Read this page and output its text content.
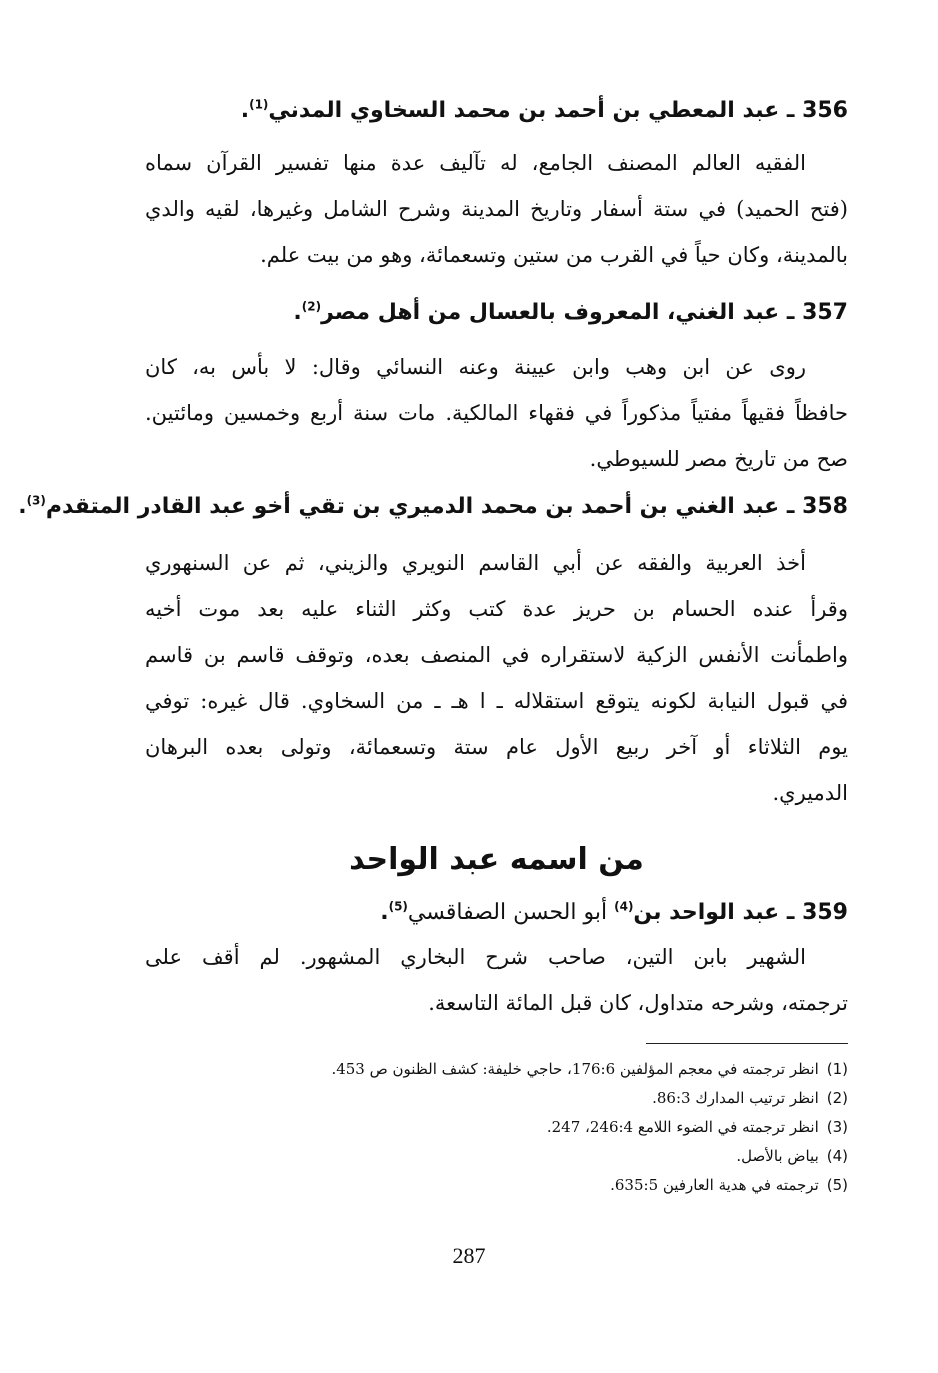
356 ـ عبد المعطي بن أحمد بن محمد السخاوي المدني$^{(1)}$.
الفقيه العالم المصنف الجامع، له تآليف عدة منها تفسير القرآن سماه
(فتح الحميد) في ستة أسفار وتاريخ المدينة وشرح الشامل وغيرها، لقيه والدي
بالمدينة، وكان حياً في القرب من ستين وتسعمائة، وهو من بيت علم.
357 ـ عبد الغني، المعروف بالعسال من أهل مصر$^{(2)}$.
روى عن ابن وهب وابن عيينة وعنه النسائي وقال: لا بأس به، كان
حافظاً فقيهاً مفتياً مذكوراً في فقهاء المالكية. مات سنة أربع وخمسين ومائتين.
صح من تاريخ مصر للسيوطي.
358 ـ عبد الغني بن أحمد بن محمد الدميري بن تقي أخو عبد القادر المتقدم$^{(3)}$.
أخذ العربية والفقه عن أبي القاسم النويري والزيني، ثم عن السنهوري
وقرأ عنده الحسام بن حريز عدة كتب وكثر الثناء عليه بعد موت أخيه
واطمأنت الأنفس الزكية لاستقراره في المنصف بعده، وتوقف قاسم بن قاسم
في قبول النيابة لكونه يتوقع استقلاله ـ ا هـ ـ من السخاوي. قال غيره: توفي
يوم الثلاثاء أو آخر ربيع الأول عام ستة وتسعمائة، وتولى بعده البرهان
الدميري.
من اسمه عبد الواحد
359 ـ عبد الواحد بن$^{(4)}$ أبو الحسن الصفاقسي$^{(5)}$.
الشهير بابن التين، صاحب شرح البخاري المشهور. لم أقف على
ترجمته، وشرحه متداول، كان قبل المائة التاسعة.
(1)انظر ترجمته في معجم المؤلفين 176:6، حاجي خليفة: كشف الظنون ص 453.
(2)انظر ترتيب المدارك 86:3.
(3)انظر ترجمته في الضوء اللامع 246:4، 247.
(4)بياض بالأصل.
(5)ترجمته في هدية العارفين 635:5.
287
